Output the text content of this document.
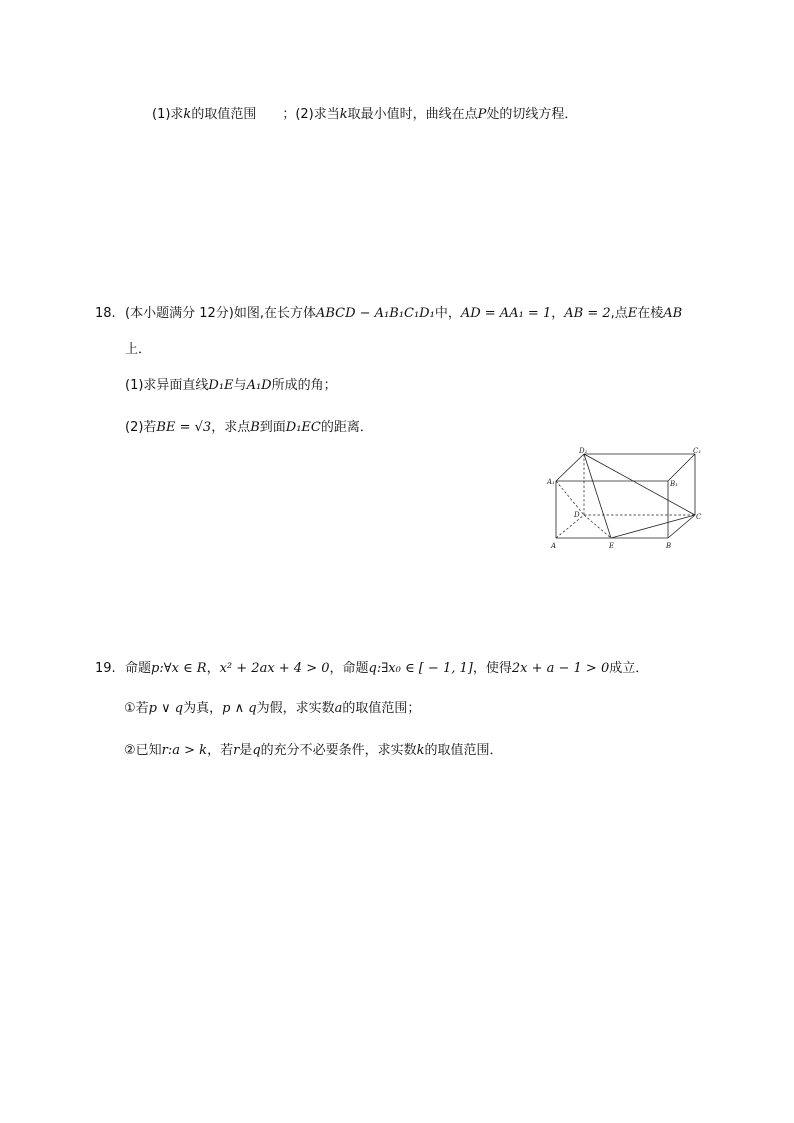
(1)求k的取值范围 ；(2)求当k取最小值时，曲线在点P处的切线方程．
18. (本小题满分 12分)如图,在长方体ABCD − A₁B₁C₁D₁中，AD = AA₁ = 1，AB = 2,点E在棱AB
上．
(1)求异面直线D₁E与A₁D所成的角；
(2)若BE = √3，求点B到面D₁EC的距离．
D₁	C₁
A₁	B₁
D	C
A	E	B
19. 命题p:∀x ∈ R，x² + 2ax + 4 > 0，命题q:∃x₀ ∈ [ − 1, 1]，使得2x + a − 1 > 0成立．
①若p ∨ q为真，p ∧ q为假，求实数a的取值范围；
②已知r:a > k，若r是q的充分不必要条件，求实数k的取值范围．
